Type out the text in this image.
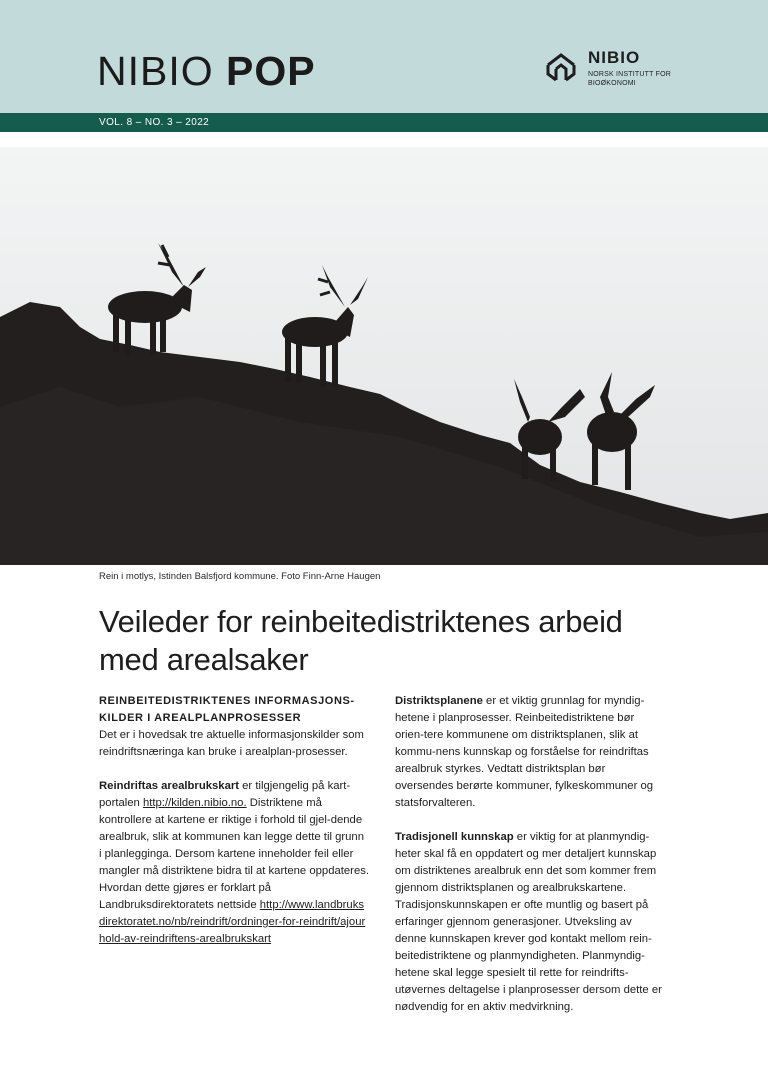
NIBIO POP	NIBIO
NORSK INSTITUTT FOR BIOØKONOMI
VOL. 8 – NO. 3 – 2022
Rein i motlys, Istinden Balsfjord kommune. Foto Finn-Arne Haugen
Veileder for reinbeitedistriktenes arbeid med arealsaker

REINBEITEDISTRIKTENES INFORMASJONS-KILDER I AREALPLANPROSESSER
Det er i hovedsak tre aktuelle informasjonskilder som reindriftsnæringa kan bruke i arealplan-prosesser.

Reindriftas arealbrukskart er tilgjengelig på kart-portalen http://kilden.nibio.no. Distriktene må kontrollere at kartene er riktige i forhold til gjel-dende arealbruk, slik at kommunen kan legge dette til grunn i planlegginga. Dersom kartene inneholder feil eller mangler må distriktene bidra til at kartene oppdateres. Hvordan dette gjøres er forklart på Landbruksdirektoratets nettside http://www.landbruksdirektoratet.no/nb/reindrift/ordninger-for-reindrift/ajourhold-av-reindriftens-arealbrukskart

Distriktsplanene er et viktig grunnlag for myndig-hetene i planprosesser. Reinbeitedistriktene bør orien-tere kommunene om distriktsplanen, slik at kommu-nens kunnskap og forståelse for reindriftas arealbruk styrkes. Vedtatt distriktsplan bør oversendes berørte kommuner, fylkeskommuner og statsforvalteren.

Tradisjonell kunnskap er viktig for at planmyndig-heter skal få en oppdatert og mer detaljert kunnskap om distriktenes arealbruk enn det som kommer frem gjennom distriktsplanen og arealbrukskartene. Tradisjonskunnskapen er ofte muntlig og basert på erfaringer gjennom generasjoner. Utveksling av denne kunnskapen krever god kontakt mellom rein-beitedistriktene og planmyndigheten. Planmyndig-hetene skal legge spesielt til rette for reindrifts-utøvernes deltagelse i planprosesser dersom dette er nødvendig for en aktiv medvirkning.
